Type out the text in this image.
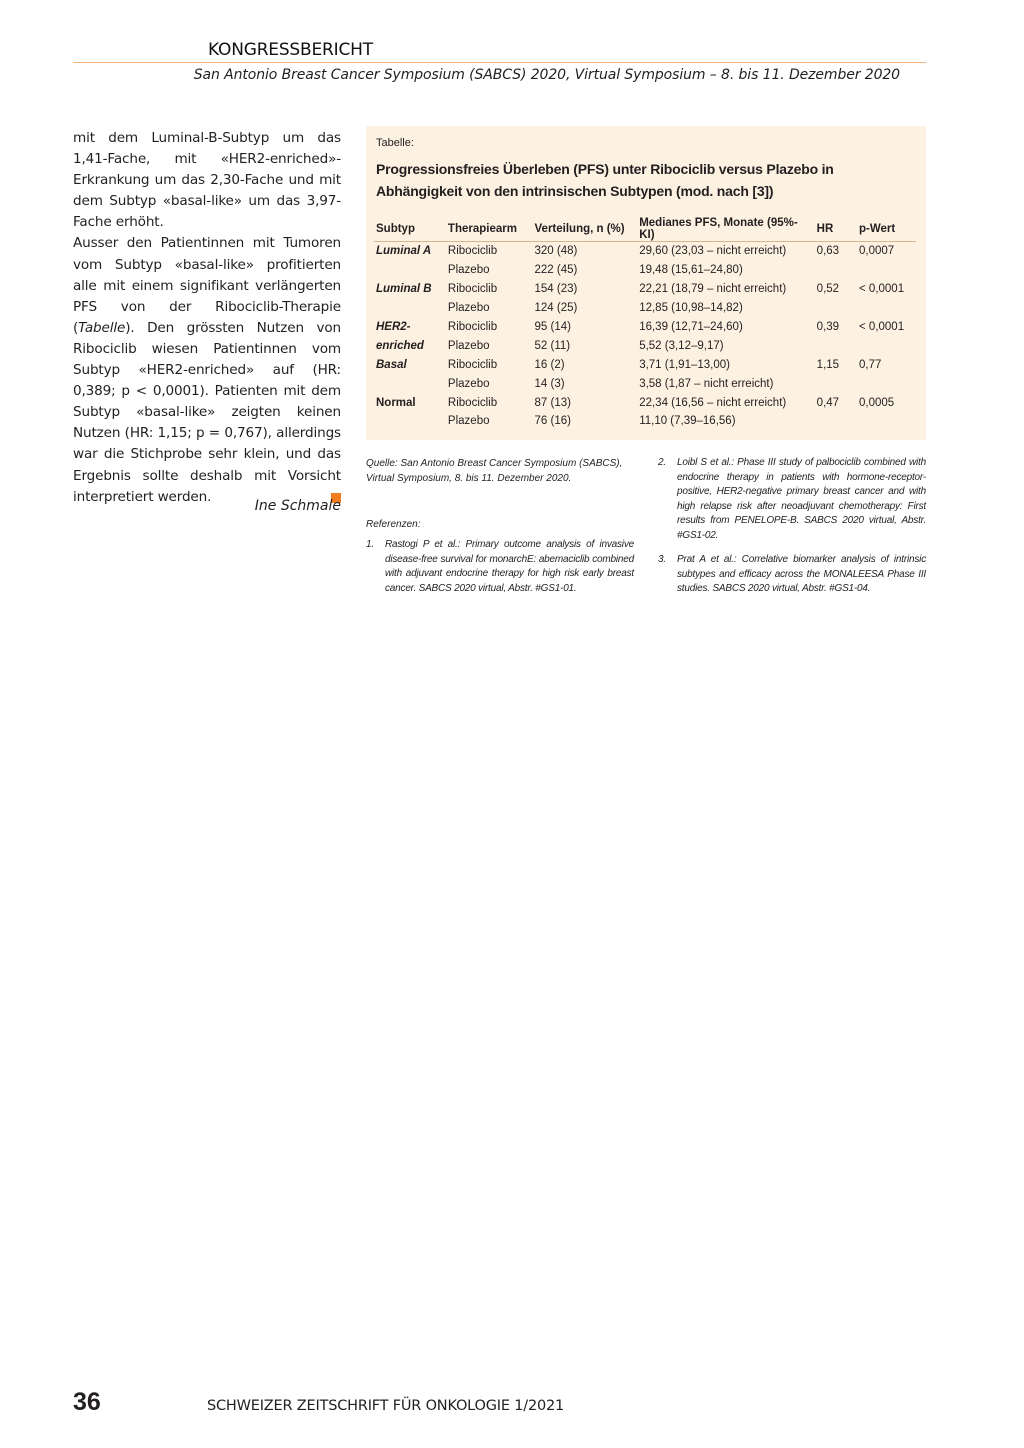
KONGRESSBERICHT
San Antonio Breast Cancer Symposium (SABCS) 2020, Virtual Symposium – 8. bis 11. Dezember 2020

mit dem Luminal-B-Subtyp um das 1,41-Fache, mit «HER2-enriched»-Erkrankung um das 2,30-Fache und mit dem Subtyp «basal-like» um das 3,97-Fache erhöht.

Ausser den Patientinnen mit Tumoren vom Subtyp «basal-like» profitierten alle mit einem signifikant verlängerten PFS von der Ribociclib-Therapie (Tabelle). Den grössten Nutzen von Ribociclib wiesen Patientinnen vom Subtyp «HER2-enriched» auf (HR: 0,389; p < 0,0001). Patienten mit dem Subtyp «basal-like» zeigten keinen Nutzen (HR: 1,15; p = 0,767), allerdings war die Stichprobe sehr klein, und das Ergebnis sollte deshalb mit Vorsicht interpretiert werden.

Ine Schmale
Tabelle:
Progressionsfreies Überleben (PFS) unter Ribociclib versus Plazebo in Abhängigkeit von den intrinsischen Subtypen (mod. nach [3])
Subtyp	Therapiearm	Verteilung, n (%)	Medianes PFS, Monate (95%-KI)	HR	p-Wert
Luminal A	Ribociclib	320 (48)	29,60 (23,03 – nicht erreicht)	0,63	0,0007
	Plazebo	222 (45)	19,48 (15,61–24,80)		
Luminal B	Ribociclib	154 (23)	22,21 (18,79 – nicht erreicht)	0,52	< 0,0001
	Plazebo	124 (25)	12,85 (10,98–14,82)		
HER2-	Ribociclib	95 (14)	16,39 (12,71–24,60)	0,39	< 0,0001
enriched	Plazebo	52 (11)	5,52 (3,12–9,17)		
Basal	Ribociclib	16 (2)	3,71 (1,91–13,00)	1,15	0,77
	Plazebo	14 (3)	3,58 (1,87 – nicht erreicht)		
Normal	Ribociclib	87 (13)	22,34 (16,56 – nicht erreicht)	0,47	0,0005
	Plazebo	76 (16)	11,10 (7,39–16,56)		
Quelle: San Antonio Breast Cancer Symposium (SABCS), Virtual Symposium, 8. bis 11. Dezember 2020.
Referenzen:
1. Rastogi P et al.: Primary outcome analysis of invasive disease-free survival for monarchE: abemaciclib combined with adjuvant endocrine therapy for high risk early breast cancer. SABCS 2020 virtual, Abstr. #GS1-01.
2. Loibl S et al.: Phase III study of palbociclib combined with endocrine therapy in patients with hormone-receptor-positive, HER2-negative primary breast cancer and with high relapse risk after neoadjuvant chemotherapy: First results from PENELOPE-B. SABCS 2020 virtual, Abstr. #GS1-02.
3. Prat A et al.: Correlative biomarker analysis of intrinsic subtypes and efficacy across the MONALEESA Phase III studies. SABCS 2020 virtual, Abstr. #GS1-04.
36	SCHWEIZER ZEITSCHRIFT FÜR ONKOLOGIE 1/2021
